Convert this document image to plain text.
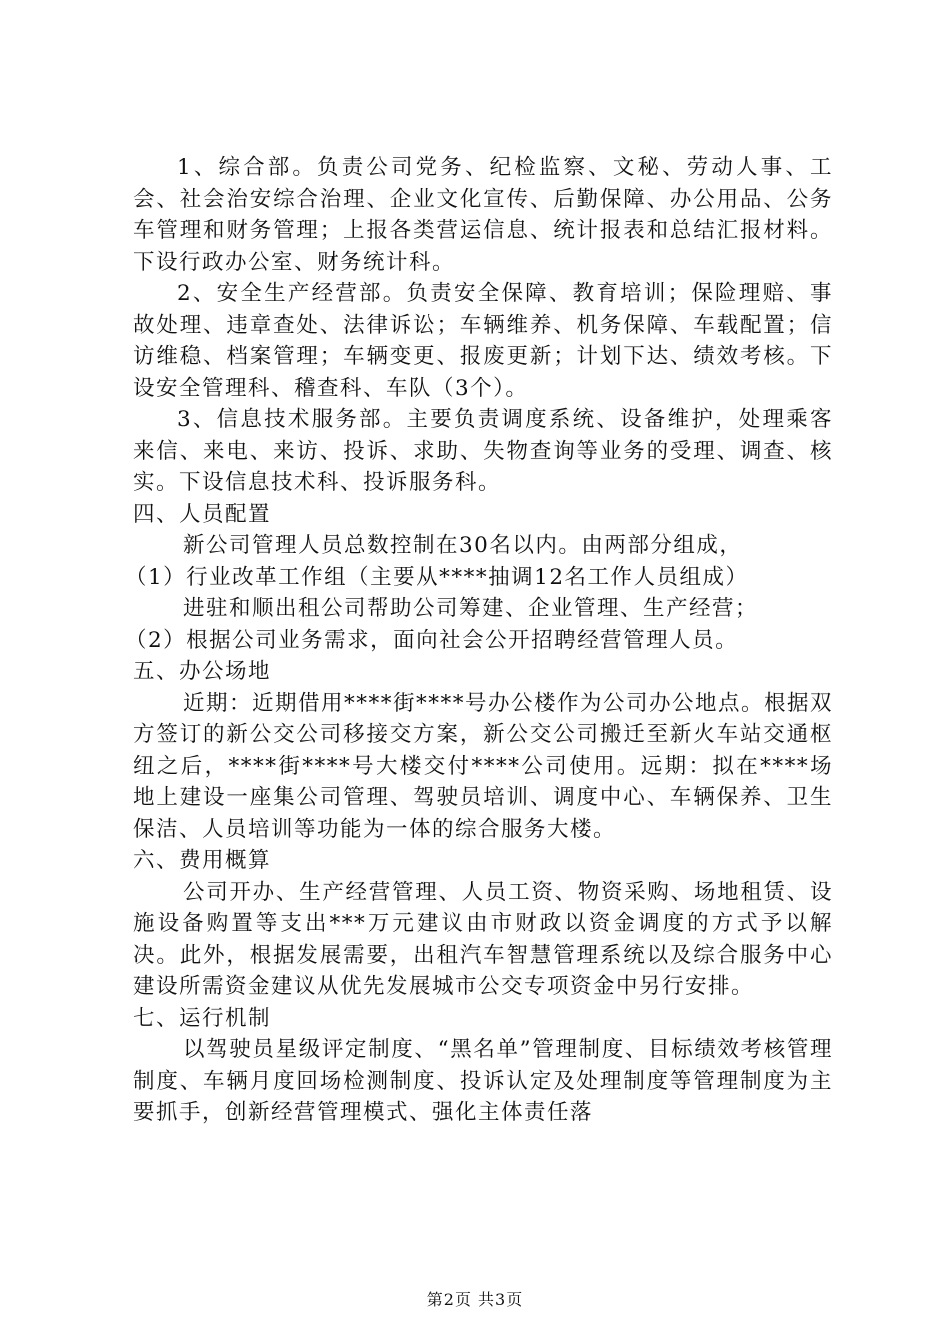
1、综合部。负责公司党务、纪检监察、文秘、劳动人事、工会、社会治安综合治理、企业文化宣传、后勤保障、办公用品、公务车管理和财务管理；上报各类营运信息、统计报表和总结汇报材料。下设行政办公室、财务统计科。

2、安全生产经营部。负责安全保障、教育培训；保险理赔、事故处理、违章查处、法律诉讼；车辆维养、机务保障、车载配置；信访维稳、档案管理；车辆变更、报废更新；计划下达、绩效考核。下设安全管理科、稽查科、车队（3个）。

3、信息技术服务部。主要负责调度系统、设备维护，处理乘客来信、来电、来访、投诉、求助、失物查询等业务的受理、调查、核实。下设信息技术科、投诉服务科。

四、人员配置

新公司管理人员总数控制在30名以内。由两部分组成，

（1）行业改革工作组（主要从****抽调12名工作人员组成）

进驻和顺出租公司帮助公司筹建、企业管理、生产经营；

（2）根据公司业务需求，面向社会公开招聘经营管理人员。

五、办公场地

近期：近期借用****街****号办公楼作为公司办公地点。根据双方签订的新公交公司移接交方案，新公交公司搬迁至新火车站交通枢纽之后，****街****号大楼交付****公司使用。远期：拟在****场地上建设一座集公司管理、驾驶员培训、调度中心、车辆保养、卫生保洁、人员培训等功能为一体的综合服务大楼。

六、费用概算

公司开办、生产经营管理、人员工资、物资采购、场地租赁、设施设备购置等支出***万元建议由市财政以资金调度的方式予以解决。此外，根据发展需要，出租汽车智慧管理系统以及综合服务中心建设所需资金建议从优先发展城市公交专项资金中另行安排。

七、运行机制

以驾驶员星级评定制度、“黑名单”管理制度、目标绩效考核管理制度、车辆月度回场检测制度、投诉认定及处理制度等管理制度为主要抓手，创新经营管理模式、强化主体责任落

第2页 共3页
